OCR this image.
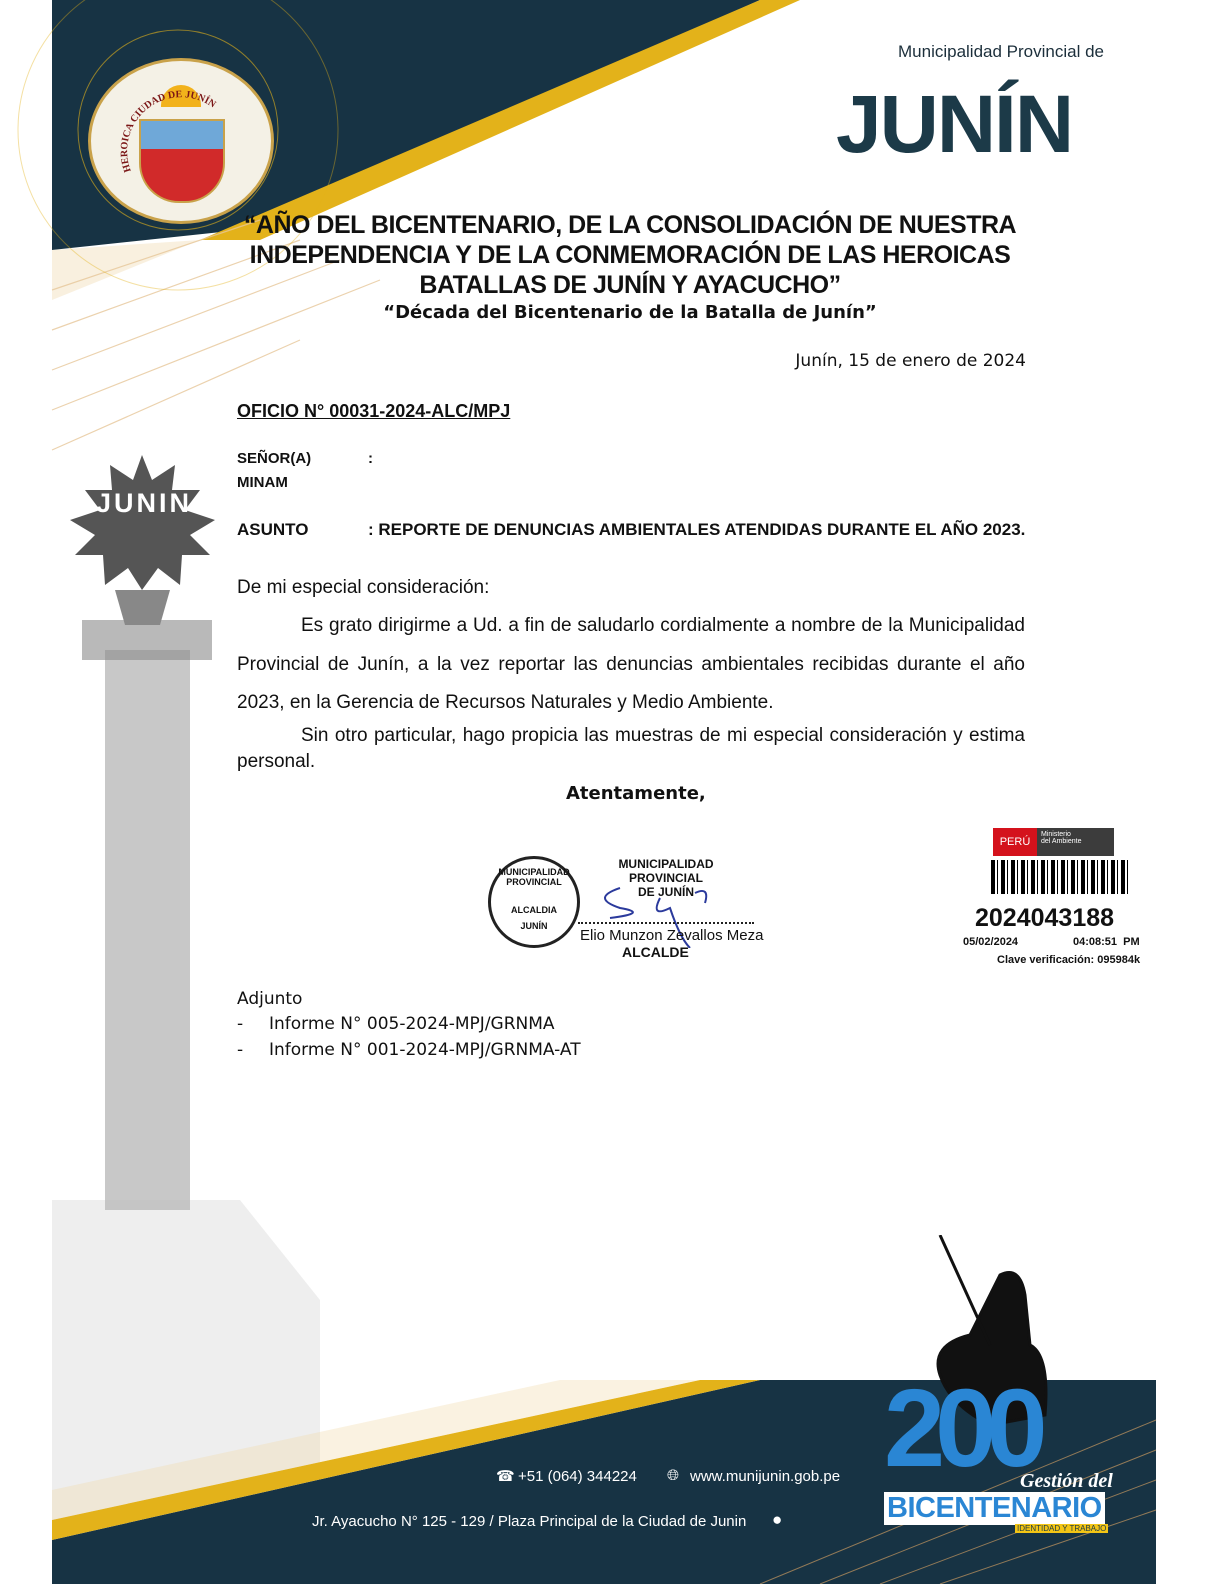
HEROICA CIUDAD DE JUNÍN
Municipalidad Provincial de
JUNÍN
JUNIN
“AÑO DEL BICENTENARIO, DE LA CONSOLIDACIÓN DE NUESTRA INDEPENDENCIA Y DE LA CONMEMORACIÓN DE LAS HEROICAS BATALLAS DE JUNÍN Y AYACUCHO”
“Década del Bicentenario de la Batalla de Junín”
Junín, 15 de enero de 2024
OFICIO N° 00031-2024-ALC/MPJ
SEÑOR(A)	:
MINAM
ASUNTO	: REPORTE DE DENUNCIAS AMBIENTALES ATENDIDAS DURANTE EL AÑO 2023.
De mi especial consideración:
Es grato dirigirme a Ud. a fin de saludarlo cordialmente a nombre de la Municipalidad Provincial de Junín, a la vez reportar las denuncias ambientales recibidas durante el año 2023, en la Gerencia de Recursos Naturales y Medio Ambiente.
Sin otro particular, hago propicia las muestras de mi especial consideración y estima personal.
Atentamente,
MUNICIPALIDAD PROVINCIAL
ALCALDIA
JUNÍN
MUNICIPALIDAD PROVINCIAL
DE JUNÍN
Elio Munzon Zevallos Meza
ALCALDE
PERÚ
Ministerio
del Ambiente
2024043188
05/02/2024	04:08:51  PM
Clave verificación: 095984k
Adjunto
- Informe N° 005-2024-MPJ/GRNMA
- Informe N° 001-2024-MPJ/GRNMA-AT
☎ +51 (064) 344224 🌐︎ www.munijunin.gob.pe
Jr. Ayacucho N° 125 - 129 / Plaza Principal de la Ciudad de Junin ●
200
Gestión del
BICENTENARIO
IDENTIDAD Y TRABAJO
